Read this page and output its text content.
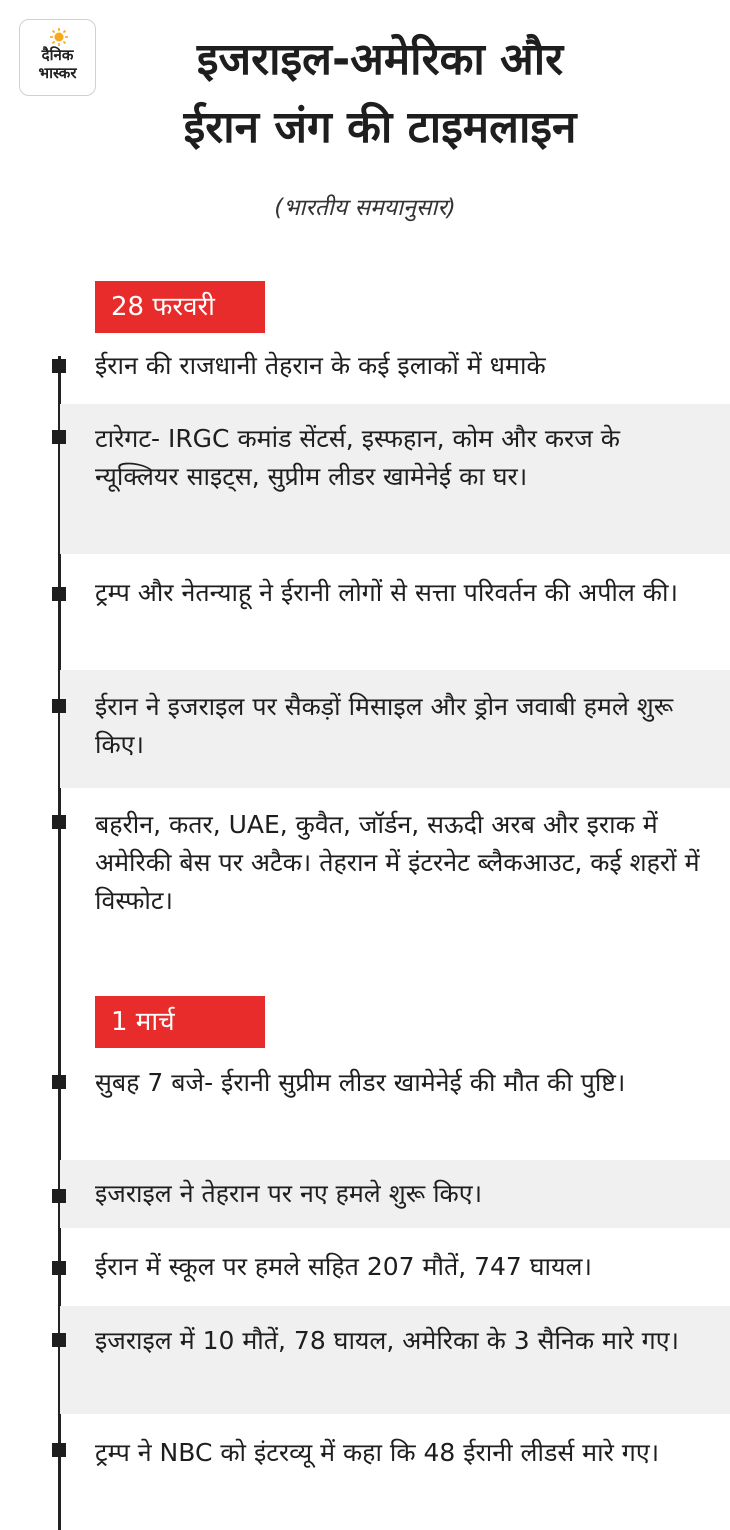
दैनिक
भास्कर	इजराइल-अमेरिका और
ईरान जंग की टाइमलाइन
(भारतीय समयानुसार)
28 फरवरी
ईरान की राजधानी तेहरान के कई इलाकों में धमाके
टारेगट- IRGC कमांड सेंटर्स, इस्फहान, कोम और करज के न्यूक्लियर साइट्स, सुप्रीम लीडर खामेनेई का घर।
ट्रम्प और नेतन्याहू ने ईरानी लोगों से सत्ता परिवर्तन की अपील की।
ईरान ने इजराइल पर सैकड़ों मिसाइल और ड्रोन जवाबी हमले शुरू किए।
बहरीन, कतर, UAE, कुवैत, जॉर्डन, सऊदी अरब और इराक में अमेरिकी बेस पर अटैक। तेहरान में इंटरनेट ब्लैकआउट, कई शहरों में विस्फोट।
1 मार्च
सुबह 7 बजे- ईरानी सुप्रीम लीडर खामेनेई की मौत की पुष्टि।
इजराइल ने तेहरान पर नए हमले शुरू किए।
ईरान में स्कूल पर हमले सहित 207 मौतें, 747 घायल।
इजराइल में 10 मौतें, 78 घायल, अमेरिका के 3 सैनिक मारे गए।
ट्रम्प ने NBC को इंटरव्यू में कहा कि 48 ईरानी लीडर्स मारे गए।
